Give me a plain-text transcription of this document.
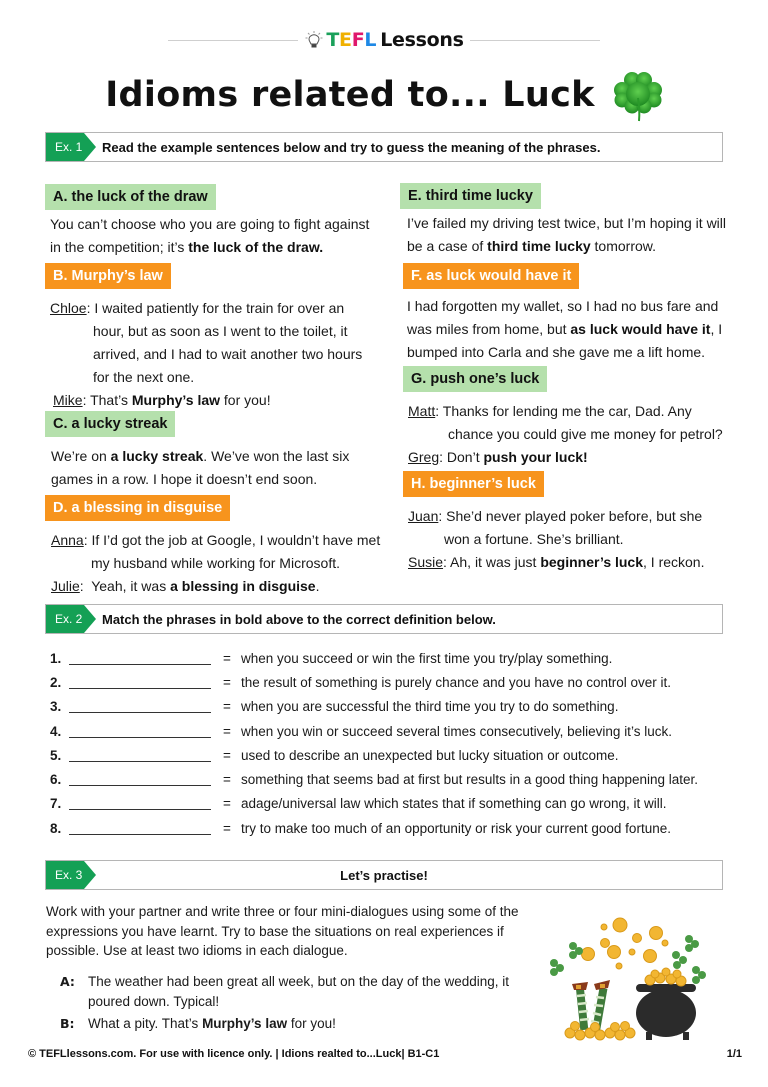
T E F L Lessons
Idioms related to... Luck
Ex. 1 Read the example sentences below and try to guess the meaning of the phrases.
A. the luck of the draw

You can’t choose who you are going to fight against in the competition; it’s the luck of the draw.

B. Murphy’s law
Chloe: I waited patiently for the train for over an
hour, but as soon as I went to the toilet, it
arrived, and I had to wait another two hours
for the next one.
Mike: That’s Murphy’s law for you!
C. a lucky streak

We’re on a lucky streak. We’ve won the last six games in a row. I hope it doesn’t end soon.

D. a blessing in disguise
Anna: If I’d got the job at Google, I wouldn’t have met
my husband while working for Microsoft.
Julie:  Yeah, it was a blessing in disguise.
E. third time lucky

I’ve failed my driving test twice, but I’m hoping it will be a case of third time lucky tomorrow.

F. as luck would have it

I had forgotten my wallet, so I had no bus fare and was miles from home, but as luck would have it, I bumped into Carla and she gave me a lift home.

G. push one’s luck
Matt: Thanks for lending me the car, Dad. Any
chance you could give me money for petrol?
Greg: Don’t push your luck!
H. beginner’s luck
Juan: She’d never played poker before, but she
won a fortune. She’s brilliant.
Susie: Ah, it was just beginner’s luck, I reckon.
Ex. 2 Match the phrases in bold above to the correct definition below.
1.	= when you succeed or win the first time you try/play something.
2.	= the result of something is purely chance and you have no control over it.
3.	= when you are successful the third time you try to do something.
4.	= when you win or succeed several times consecutively, believing it’s luck.
5.	= used to describe an unexpected but lucky situation or outcome.
6.	= something that seems bad at first but results in a good thing happening later.
7.	= adage/universal law which states that if something can go wrong, it will.
8.	= try to make too much of an opportunity or risk your current good fortune.
Ex. 3	Let’s practise!

Work with your partner and write three or four mini-dialogues using some of the expressions you have learnt. Try to base the situations on real experiences if possible. Use at least two idioms in each dialogue.

A: The weather had been great all week, but on the day of the wedding, it poured down. Typical!
B: What a pity. That’s Murphy’s law for you!
© TEFLlessons.com. For use with licence only. | Idions realted to...Luck| B1-C1	1/1
